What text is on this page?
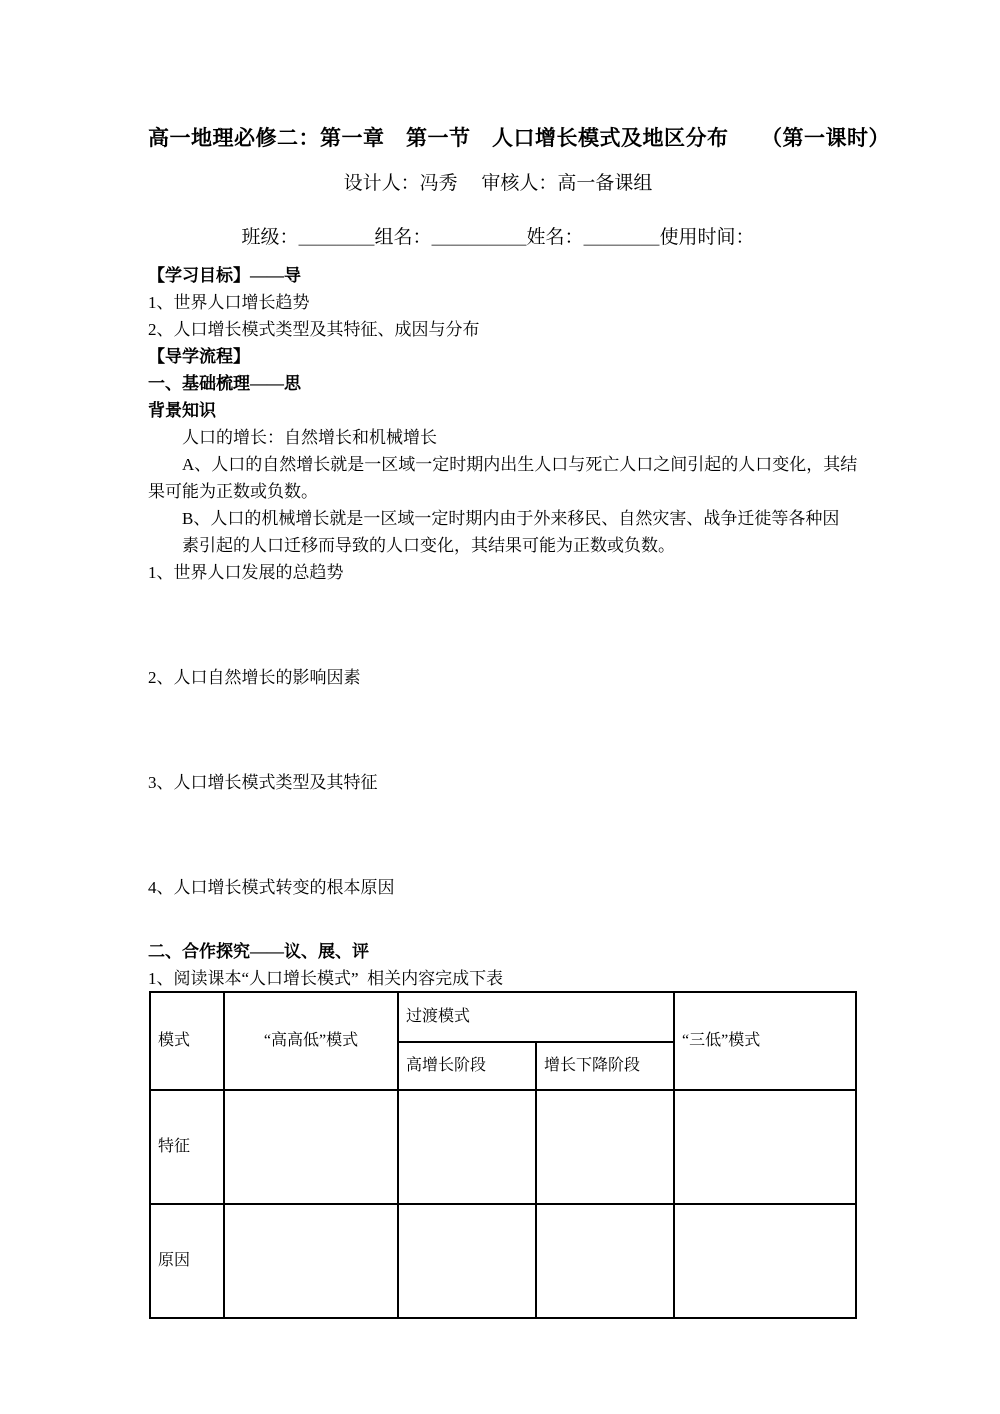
高一地理必修二：第一章　第一节　人口增长模式及地区分布　　（第一课时）
设计人：冯秀　 审核人：高一备课组
班级：＿＿＿＿组名：＿＿＿＿＿姓名：＿＿＿＿使用时间：
【学习目标】——导
1、世界人口增长趋势
2、人口增长模式类型及其特征、成因与分布
【导学流程】
一、基础梳理——思
背景知识
人口的增长：自然增长和机械增长
A、人口的自然增长就是一区域一定时期内出生人口与死亡人口之间引起的人口变化，其结果可能为正数或负数。
B、人口的机械增长就是一区域一定时期内由于外来移民、自然灾害、战争迁徙等各种因
素引起的人口迁移而导致的人口变化，其结果可能为正数或负数。
1、世界人口发展的总趋势
2、人口自然增长的影响因素
3、人口增长模式类型及其特征
4、人口增长模式转变的根本原因
二、合作探究——议、展、评
1、阅读课本“人口增长模式”  相关内容完成下表
模式	“高高低”模式	过渡模式		“三低”模式
		高增长阶段	增长下降阶段	
特征				
原因				
